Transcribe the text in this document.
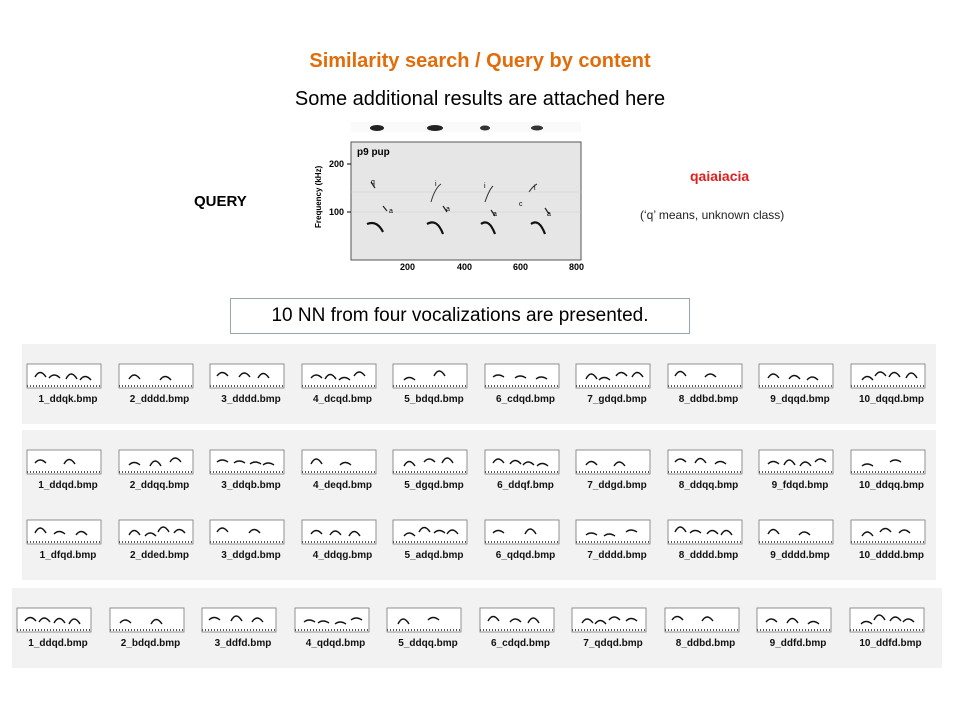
Similarity search / Query by content
Some additional results are attached here
QUERY
p9 pup
Frequency (kHz)
200
100
200	400	600	800
q
a
i
a
i
a
c
i
a
qaiaiacia
(‘q’ means, unknown class)
10 NN from four vocalizations are presented.
1_ddqk.bmp	2_dddd.bmp	3_dddd.bmp	4_dcqd.bmp	5_bdqd.bmp	6_cdqd.bmp	7_gdqd.bmp	8_ddbd.bmp	9_dqqd.bmp	10_dqqd.bmp
1_ddqd.bmp	2_ddqq.bmp	3_ddqb.bmp	4_deqd.bmp	5_dgqd.bmp	6_ddqf.bmp	7_ddgd.bmp	8_ddqq.bmp	9_fdqd.bmp	10_ddqq.bmp
1_dfqd.bmp	2_dded.bmp	3_ddgd.bmp	4_ddqg.bmp	5_adqd.bmp	6_qdqd.bmp	7_dddd.bmp	8_dddd.bmp	9_dddd.bmp	10_dddd.bmp
1_ddqd.bmp	2_bdqd.bmp	3_ddfd.bmp	4_qdqd.bmp	5_ddqq.bmp	6_cdqd.bmp	7_qdqd.bmp	8_ddbd.bmp	9_ddfd.bmp	10_ddfd.bmp
